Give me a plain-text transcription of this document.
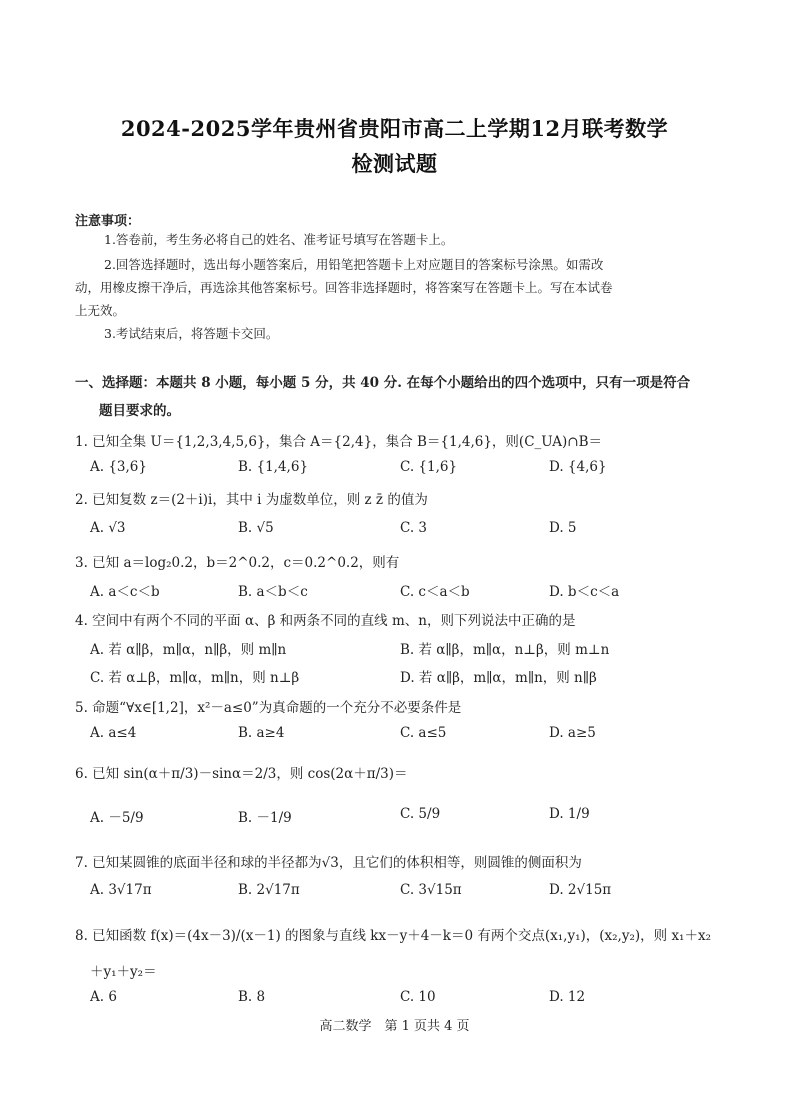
2024-2025学年贵州省贵阳市高二上学期12月联考数学
检测试题
注意事项：
1.答卷前，考生务必将自己的姓名、准考证号填写在答题卡上。
2.回答选择题时，选出每小题答案后，用铅笔把答题卡上对应题目的答案标号涂黑。如需改
动，用橡皮擦干净后，再选涂其他答案标号。回答非选择题时，将答案写在答题卡上。写在本试卷
上无效。
3.考试结束后，将答题卡交回。
一、选择题：本题共 8 小题，每小题 5 分，共 40 分. 在每个小题给出的四个选项中，只有一项是符合
题目要求的。
1. 已知全集 U＝{1,2,3,4,5,6}，集合 A＝{2,4}，集合 B＝{1,4,6}，则(C_UA)∩B＝
A. {3,6}	B. {1,4,6}	C. {1,6}	D. {4,6}
2. 已知复数 z＝(2＋i)i，其中 i 为虚数单位，则 z z̄ 的值为
A. √3	B. √5	C. 3	D. 5
3. 已知 a＝log₂0.2，b＝2^0.2，c＝0.2^0.2，则有
A. a＜c＜b	B. a＜b＜c	C. c＜a＜b	D. b＜c＜a
4. 空间中有两个不同的平面 α、β 和两条不同的直线 m、n，则下列说法中正确的是
A. 若 α∥β，m∥α，n∥β，则 m∥n	B. 若 α∥β，m∥α，n⊥β，则 m⊥n
C. 若 α⊥β，m∥α，m∥n，则 n⊥β	D. 若 α∥β，m∥α，m∥n，则 n∥β
5. 命题“∀x∈[1,2]，x²－a≤0”为真命题的一个充分不必要条件是
A. a≤4	B. a≥4	C. a≤5	D. a≥5
6. 已知 sin(α＋π/3)－sinα＝2/3，则 cos(2α＋π/3)＝
A. －5/9	B. －1/9	C. 5/9	D. 1/9
7. 已知某圆锥的底面半径和球的半径都为√3，且它们的体积相等，则圆锥的侧面积为
A. 3√17π	B. 2√17π	C. 3√15π	D. 2√15π
8. 已知函数 f(x)＝(4x－3)/(x－1) 的图象与直线 kx－y＋4－k＝0 有两个交点(x₁,y₁)，(x₂,y₂)，则 x₁＋x₂
＋y₁＋y₂＝
A. 6	B. 8	C. 10	D. 12
高二数学　第 1 页共 4 页
